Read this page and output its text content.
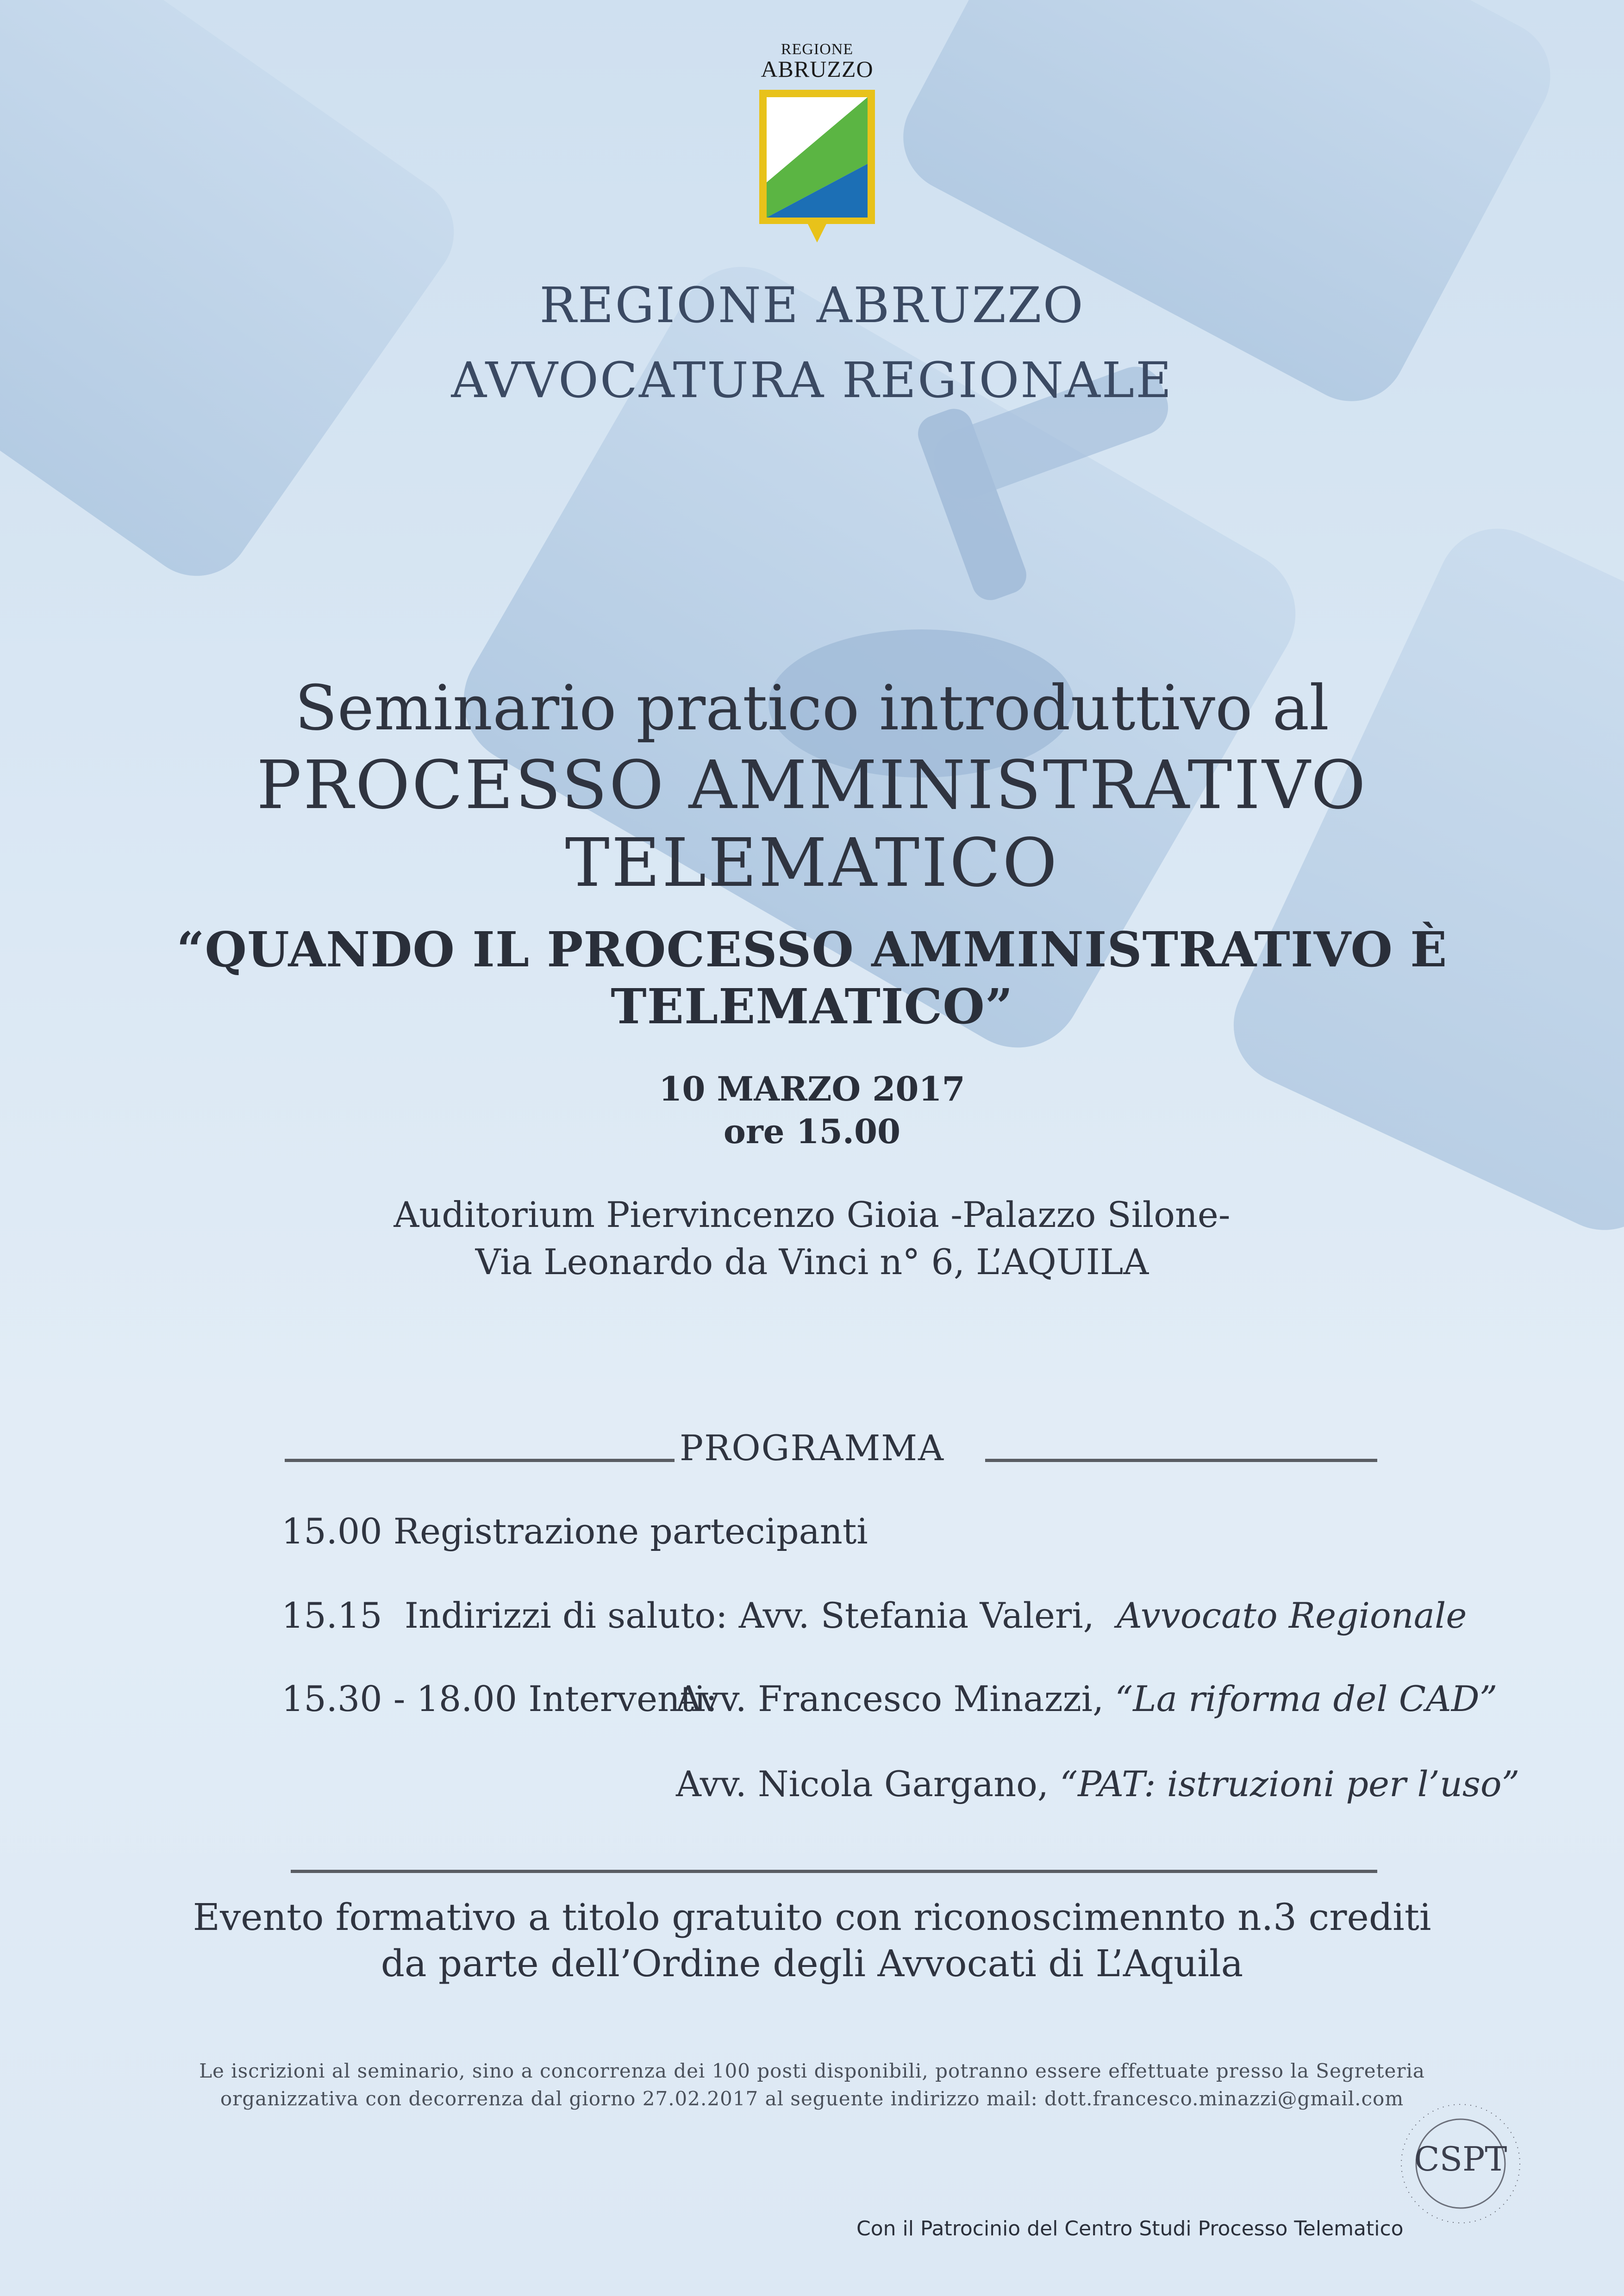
REGIONE
ABRUZZO
REGIONE ABRUZZO
AVVOCATURA REGIONALE
Seminario pratico introduttivo al
PROCESSO AMMINISTRATIVO TELEMATICO
“QUANDO IL PROCESSO AMMINISTRATIVO È TELEMATICO”
10 MARZO 2017
ore 15.00
Auditorium Piervincenzo Gioia -Palazzo Silone-
Via Leonardo da Vinci n° 6, L’AQUILA
PROGRAMMA
15.00 Registrazione partecipanti
15.15 Indirizzi di saluto: Avv. Stefania Valeri, Avvocato Regionale
15.30 - 18.00 Interventi:
Avv. Francesco Minazzi, “La riforma del CAD”
Avv. Nicola Gargano, “PAT: istruzioni per l’uso”
Evento formativo a titolo gratuito con riconoscimennto n.3 crediti
da parte dell’Ordine degli Avvocati di L’Aquila
Le iscrizioni al seminario, sino a concorrenza dei 100 posti disponibili, potranno essere effettuate presso la Segreteria
organizzativa con decorrenza dal giorno 27.02.2017 al seguente indirizzo mail: dott.francesco.minazzi@gmail.com
CSPT
Con il Patrocinio del Centro Studi Processo Telematico
